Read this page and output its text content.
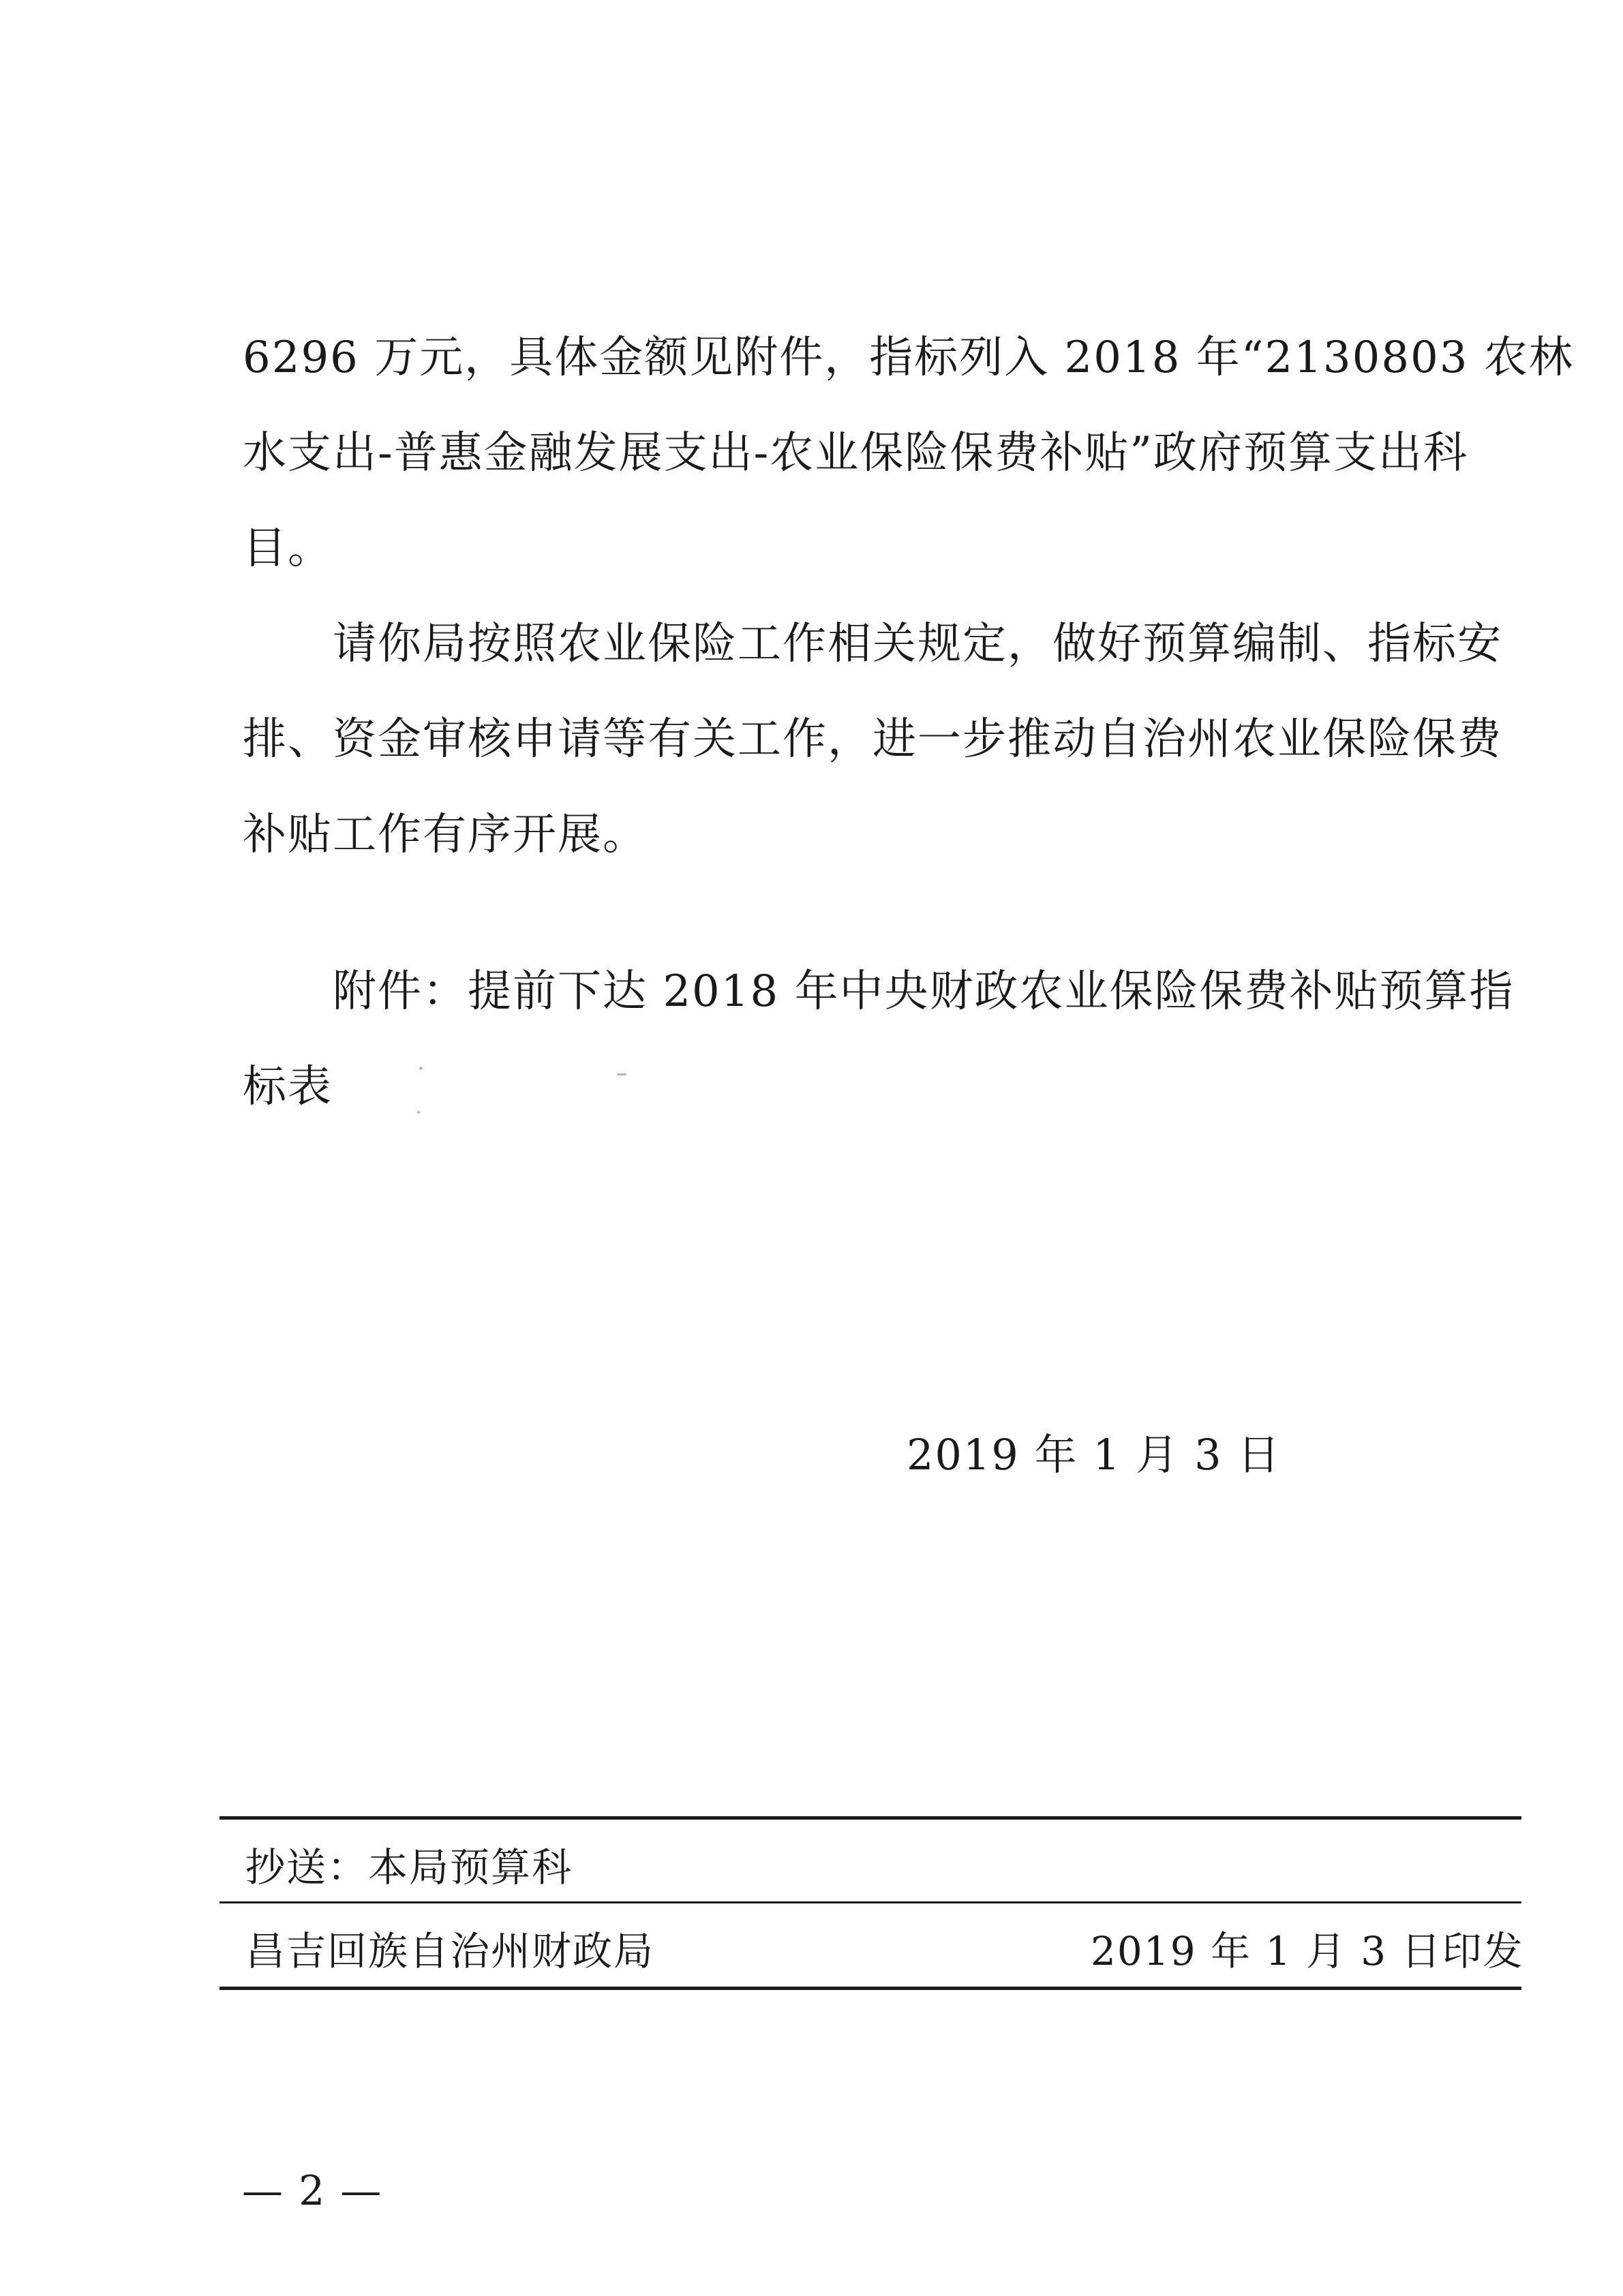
6296 万元，具体金额见附件，指标列入 2018 年“2130803 农林
水支出-普惠金融发展支出-农业保险保费补贴”政府预算支出科
目。
　　请你局按照农业保险工作相关规定，做好预算编制、指标安
排、资金审核申请等有关工作，进一步推动自治州农业保险保费
补贴工作有序开展。
　　附件：提前下达 2018 年中央财政农业保险保费补贴预算指
标表
2019 年 1 月 3 日
抄送：本局预算科
昌吉回族自治州财政局	2019 年 1 月 3 日印发
— 2 —
